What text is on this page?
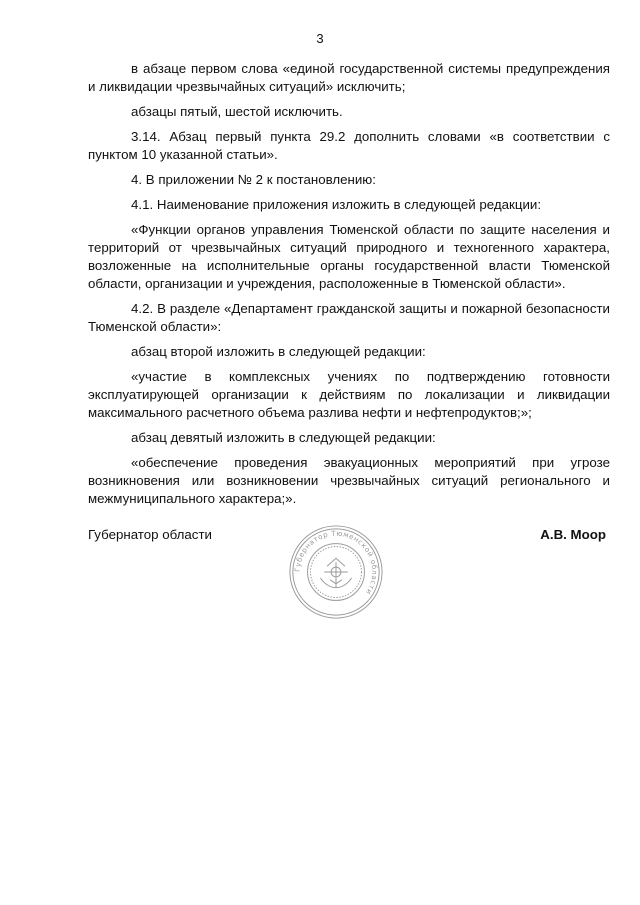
3

в абзаце первом слова «единой государственной системы предупреждения и ликвидации чрезвычайных ситуаций» исключить;

абзацы пятый, шестой исключить.

3.14. Абзац первый пункта 29.2 дополнить словами «в соответствии с пунктом 10 указанной статьи».

4. В приложении № 2 к постановлению:

4.1. Наименование приложения изложить в следующей редакции:

«Функции органов управления Тюменской области по защите населения и территорий от чрезвычайных ситуаций природного и техногенного характера, возложенные на исполнительные органы государственной власти Тюменской области, организации и учреждения, расположенные в Тюменской области».

4.2. В разделе «Департамент гражданской защиты и пожарной безопасности Тюменской области»:

абзац второй изложить в следующей редакции:

«участие в комплексных учениях по подтверждению готовности эксплуатирующей организации к действиям по локализации и ликвидации максимального расчетного объема разлива нефти и нефтепродуктов;»;

абзац девятый изложить в следующей редакции:

«обеспечение проведения эвакуационных мероприятий при угрозе возникновения или возникновении чрезвычайных ситуаций регионального и межмуниципального характера;».

Губернатор области	А.В. Моор
Губернатор Тюменской области
